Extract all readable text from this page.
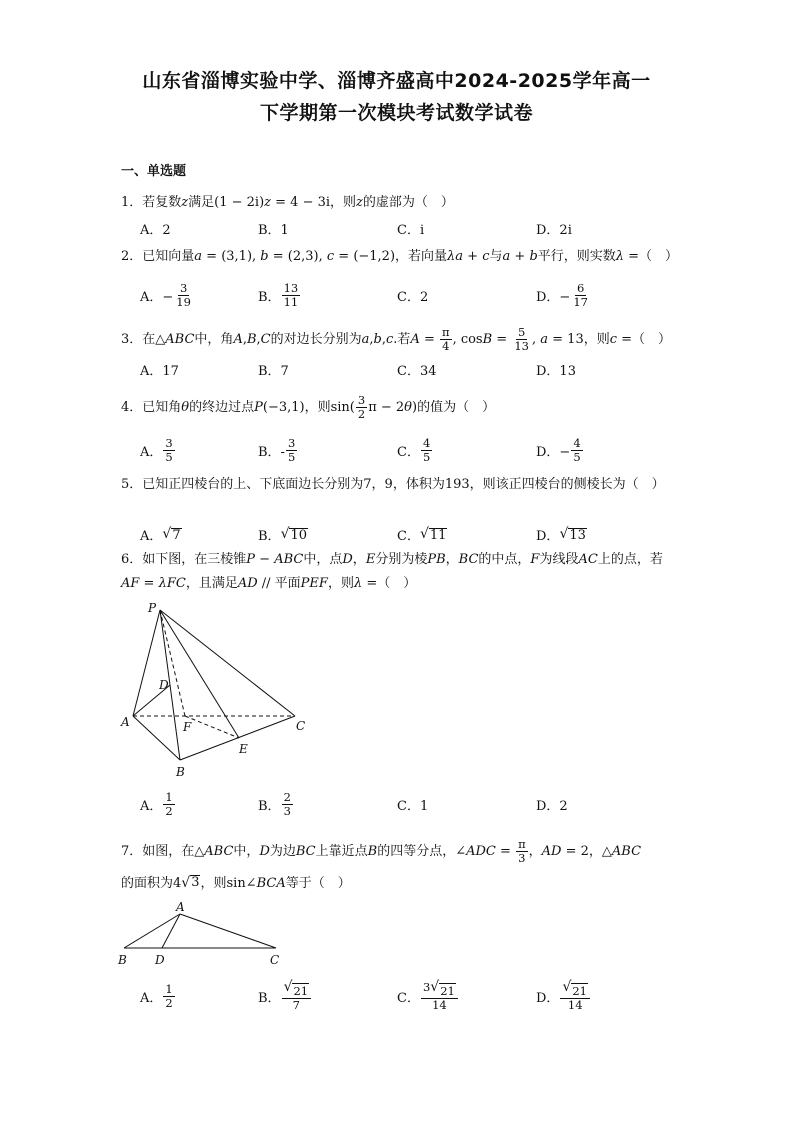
山东省淄博实验中学、淄博齐盛高中2024-2025学年高一
下学期第一次模块考试数学试卷
一、单选题
1．若复数z满足(1 − 2i)z = 4 − 3i，则z的虚部为（　）
A．2	B．1	C．i	D．2i
2．已知向量a = (3,1), b = (2,3), c = (−1,2)，若向量λa + c与a + b平行，则实数λ =（　）
A．− $\frac{3}{19}$	B． $\frac{13}{11}$	C．2	D．− $\frac{6}{17}$
3．在△ABC中，角A,B,C的对边长分别为a,b,c.若$A = \frac{\pi}{4}$ , $\cos B = \frac{5}{13}$ , a = 13，则c =（　）
A．17	B．7	C．34	D．13
4．已知角θ的终边过点P(−3,1)，则$\sin( \frac{3}{2}$ π − 2θ)的值为（　）
A． $\frac{3}{5}$	B．- $\frac{3}{5}$	C． $\frac{4}{5}$	D．− $\frac{4}{5}$
5．已知正四棱台的上、下底面边长分别为7，9，体积为193，则该正四棱台的侧棱长为（　）
A． √ 7	B． √ 10	C． √ 11	D． √ 13
6．如下图，在三棱锥P − ABC中，点D，E分别为棱PB，BC的中点，F为线段AC上的点，若AF = λFC，且满足AD // 平面PEF，则λ =（　）
P
D
A	F
E
C
B
A． $\frac{1}{2}$	B． $\frac{2}{3}$	C．1	D．2
7．如图，在△ABC中，D为边BC上靠近点B的四等分点，∠ADC = $\frac{\pi}{3}$ ，AD = 2，△ABC
的面积为4 √ 3 ，则sin∠BCA等于（　）
A
B D	C
A． $\frac{1}{2}$	B． $\frac{√ 21}{7}$	C． $\frac{3 √ 21}{14}$	D． $\frac{√ 21}{14}$
